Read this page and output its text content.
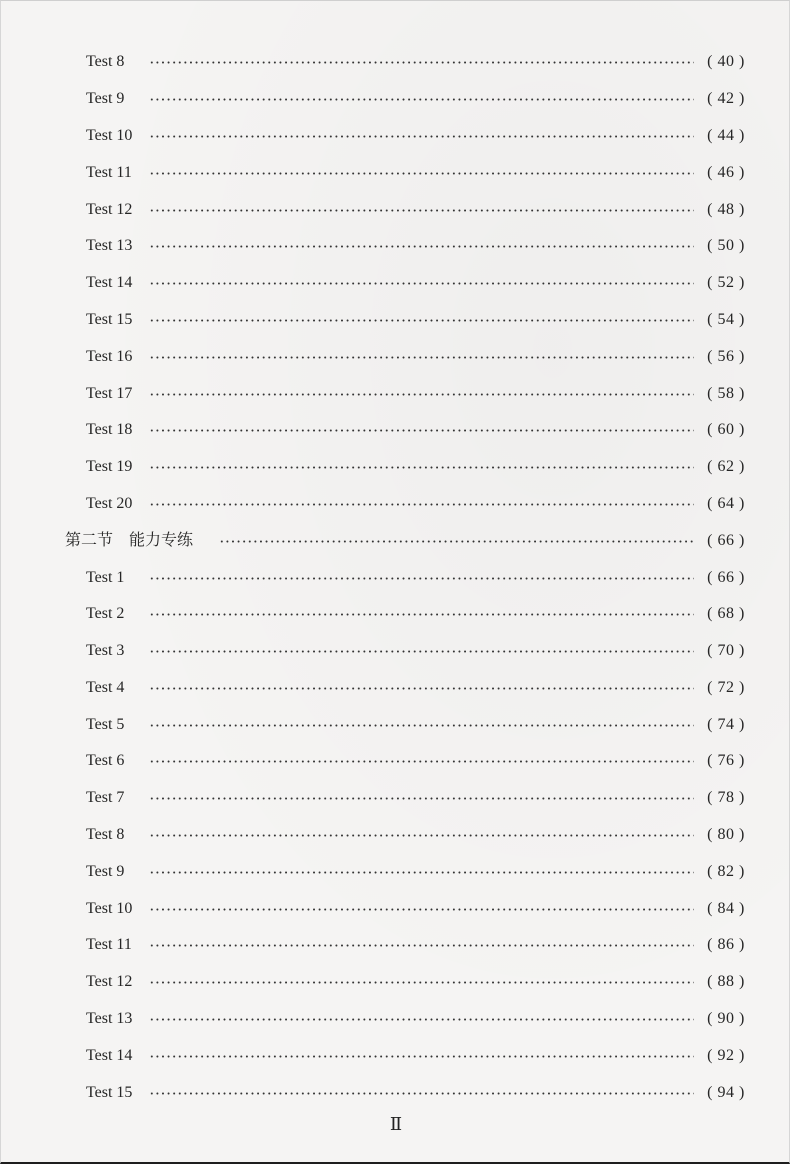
Test 8	( 40 )
Test 9	( 42 )
Test 10	( 44 )
Test 11	( 46 )
Test 12	( 48 )
Test 13	( 50 )
Test 14	( 52 )
Test 15	( 54 )
Test 16	( 56 )
Test 17	( 58 )
Test 18	( 60 )
Test 19	( 62 )
Test 20	( 64 )
第二节　能力专练	( 66 )
Test 1	( 66 )
Test 2	( 68 )
Test 3	( 70 )
Test 4	( 72 )
Test 5	( 74 )
Test 6	( 76 )
Test 7	( 78 )
Test 8	( 80 )
Test 9	( 82 )
Test 10	( 84 )
Test 11	( 86 )
Test 12	( 88 )
Test 13	( 90 )
Test 14	( 92 )
Test 15	( 94 )
Ⅱ
